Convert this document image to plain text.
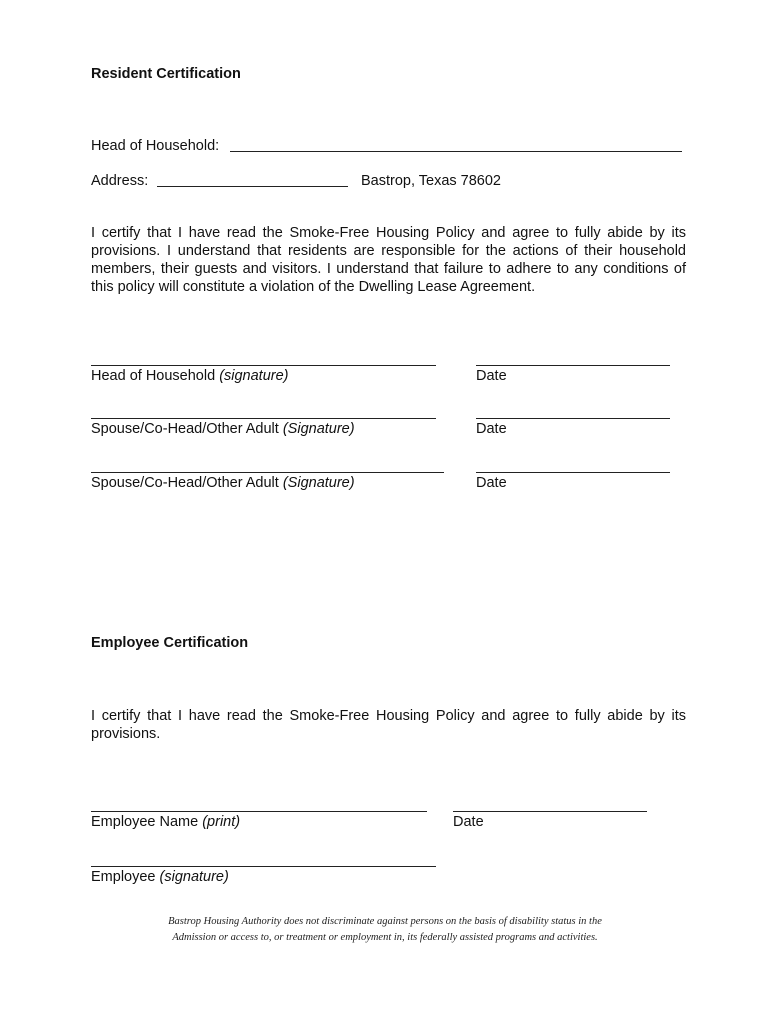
Resident Certification
Head of Household:
Address:	Bastrop, Texas 78602
I certify that I have read the Smoke-Free Housing Policy and agree to fully abide by its provisions. I understand that residents are responsible for the actions of their household members, their guests and visitors. I understand that failure to adhere to any conditions of this policy will constitute a violation of the Dwelling Lease Agreement.
Head of Household (signature)	Date
Spouse/Co-Head/Other Adult (Signature)	Date
Spouse/Co-Head/Other Adult (Signature)	Date
Employee Certification
I certify that I have read the Smoke-Free Housing Policy and agree to fully abide by its provisions.
Employee Name (print)	Date
Employee (signature)
Bastrop Housing Authority does not discriminate against persons on the basis of disability status in the
Admission or access to, or treatment or employment in, its federally assisted programs and activities.
